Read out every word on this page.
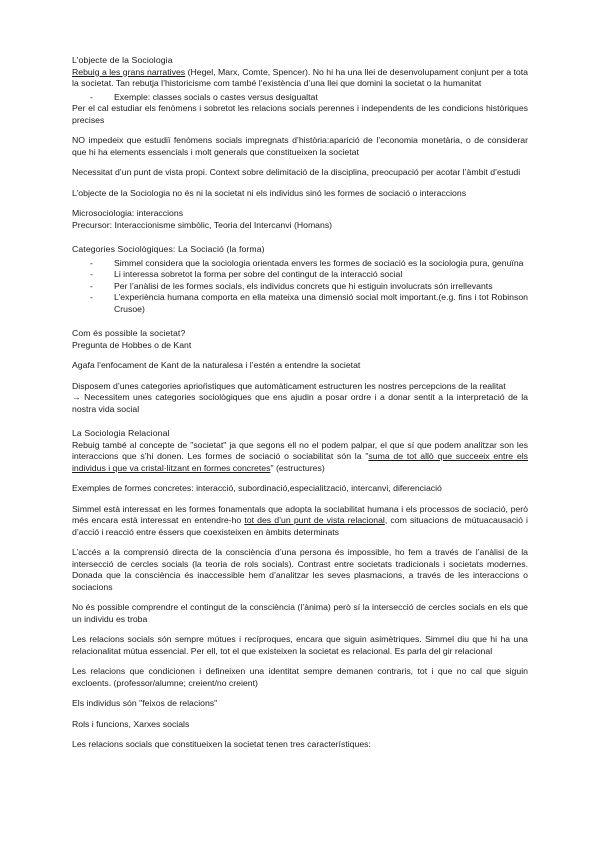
L’objecte de la Sociologia

Rebuig a les grans narratives (Hegel, Marx, Comte, Spencer). No hi ha una llei de desenvolupament conjunt per a tota la societat. Tan rebutja l’historicisme com també l’existència d’una llei que domini la societat o la humanitat

- Exemple: classes socials o castes versus desigualtat

Per el cal estudiar els fenòmens i sobretot les relacions socials perennes i independents de les condicions històriques precises

NO impedeix que estudiï fenòmens socials impregnats d’història:aparició de l’economia monetària, o de considerar que hi ha elements essencials i molt generals que constitueixen la societat

Necessitat d’un punt de vista propi. Context sobre delimitació de la disciplina, preocupació per acotar l’àmbit d’estudi

L’objecte de la Sociologia no és ni la societat ni els individus sinó les formes de sociació o interaccions

Microsociologia: interaccions

Precursor: Interaccionisme simbòlic, Teoria del Intercanvi (Homans)

Categories Sociològiques: La Sociació (la forma)

- Simmel considera que la sociologia orientada envers les formes de sociació es la sociologia pura, genuïna
- Li interessa sobretot la forma per sobre del contingut de la interacció social
- Per l’anàlisi de les formes socials, els individus concrets que hi estiguin involucrats són irrellevants
- L’experiència humana comporta en ella mateixa una dimensió social molt important.(e.g. fins i tot Robinson Crusoe)

Com és possible la societat?

Pregunta de Hobbes o de Kant

Agafa l’enfocament de Kant de la naturalesa i l’estén a entendre la societat

Disposem d’unes categories aprioŕistiques que automàticament estructuren les nostres percepcions de la realitat
→ Necessitem unes categories sociològiques que ens ajudin a posar ordre i a donar sentit a la interpretació de la nostra vida social

La Sociologia Relacional

Rebuig també al concepte de "societat" ja que segons ell no el podem palpar, el que sí que podem analitzar son les interaccions que s’hi donen. Les formes de sociació o sociabilitat són la "suma de tot allò que succeeix entre els individus i que va cristal·litzant en formes concretes" (estructures)

Exemples de formes concretes: interacció, subordinació,especialització, intercanvi, diferenciació

Simmel està interessat en les formes fonamentals que adopta la sociabilitat humana i els processos de sociació, però més encara està interessat en entendre-ho tot des d’un punt de vista relacional, com situacions de mútuacausació i d’acció i reacció entre éssers que coexisteixen en àmbits determinats

L’accés a la comprensió directa de la consciència d’una persona és impossible, ho fem a través de l’anàlisi de la intersecció de cercles socials (la teoria de rols socials). Contrast entre societats tradicionals i societats modernes. Donada que la consciència és inaccessible hem d’analitzar les seves plasmacions, a través de les interaccions o sociacions

No és possible comprendre el contingut de la consciència (l’ànima) però sí la intersecció de cercles socials en els que un individu es troba

Les relacions socials són sempre mútues i recíproques, encara que siguin asimètriques. Simmel diu que hi ha una relacionalitat mútua essencial. Per ell, tot el que existeixen la societat es relacional. Es parla del gir relacional

Les relacions que condicionen i defineixen una identitat sempre demanen contraris, tot i que no cal que siguin excloents. (professor/alumne; creient/no creient)

Els individus són "feixos de relacions"

Rols i funcions, Xarxes socials

Les relacions socials que constitueixen la societat tenen tres característiques:
